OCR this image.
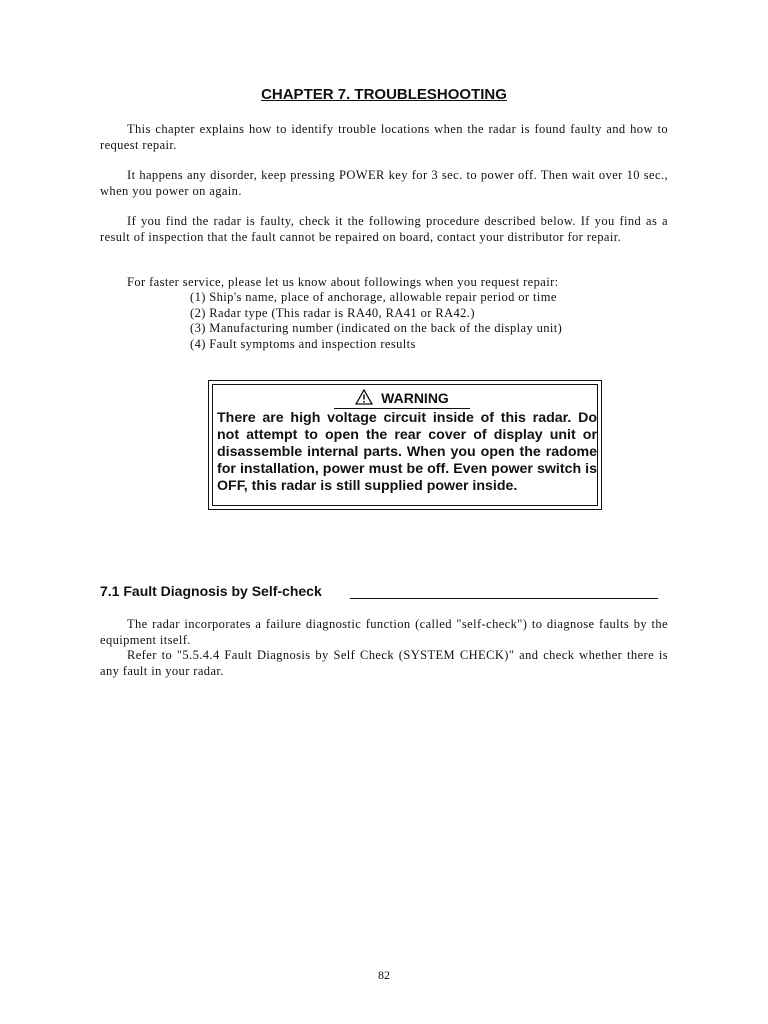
CHAPTER 7. TROUBLESHOOTING

This chapter explains how to identify trouble locations when the radar is found faulty and how to request repair.

It happens any disorder, keep pressing POWER key for 3 sec. to power off. Then wait over 10 sec., when you power on again.

If you find the radar is faulty, check it the following procedure described below. If you find as a result of inspection that the fault cannot be repaired on board, contact your distributor for repair.

For faster service, please let us know about followings when you request repair:

(1) Ship's name, place of anchorage, allowable repair period or time
(2) Radar type (This radar is RA40, RA41 or RA42.)
(3) Manufacturing number (indicated on the back of the display unit)
(4) Fault symptoms and inspection results
WARNING

There are high voltage circuit inside of this radar. Do not attempt to open the rear cover of display unit or disassemble internal parts. When you open the radome for installation, power must be off. Even power switch is OFF, this radar is still supplied power inside.

7.1 Fault Diagnosis by Self-check

The radar incorporates a failure diagnostic function (called "self-check") to diagnose faults by the equipment itself.

Refer to "5.5.4.4 Fault Diagnosis by Self Check (SYSTEM CHECK)" and check whether there is any fault in your radar.

82
